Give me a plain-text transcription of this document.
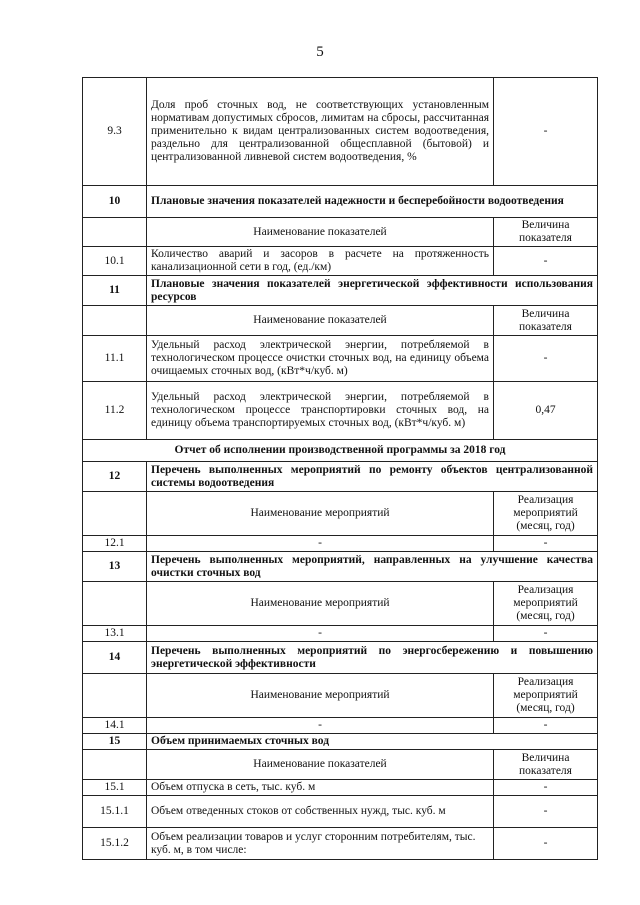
5
9.3	Доля проб сточных вод, не соответствующих установленным нормативам допустимых сбросов, лимитам на сбросы, рассчитанная применительно к видам централизованных систем водоотведения, раздельно для централизованной общесплавной (бытовой) и централизованной ливневой систем водоотведения, %	-
10	Плановые значения показателей надежности и бесперебойности водоотведения	
	Наименование показателей	Величина показателя
10.1	Количество аварий и засоров в расчете на протяженность канализационной сети в год, (ед./км)	-
11	Плановые значения показателей энергетической эффективности использования ресурсов	
	Наименование показателей	Величина показателя
11.1	Удельный расход электрической энергии, потребляемой в технологическом процессе очистки сточных вод, на единицу объема очищаемых сточных вод, (кВт*ч/куб. м)	-
11.2	Удельный расход электрической энергии, потребляемой в технологическом процессе транспортировки сточных вод, на единицу объема транспортируемых сточных вод, (кВт*ч/куб. м)	0,47
Отчет об исполнении производственной программы за 2018 год		
12	Перечень выполненных мероприятий по ремонту объектов централизованной системы водоотведения	
	Наименование мероприятий	Реализация мероприятий (месяц, год)
12.1	-	-
13	Перечень выполненных мероприятий, направленных на улучшение качества очистки сточных вод	
	Наименование мероприятий	Реализация мероприятий (месяц, год)
13.1	-	-
14	Перечень выполненных мероприятий по энергосбережению и повышению энергетической эффективности	
	Наименование мероприятий	Реализация мероприятий (месяц, год)
14.1	-	-
15	Объем принимаемых сточных вод	
	Наименование показателей	Величина показателя
15.1	Объем отпуска в сеть, тыс. куб. м	-
15.1.1	Объем отведенных стоков от собственных нужд, тыс. куб. м	-
15.1.2	Объем реализации товаров и услуг сторонним потребителям, тыс. куб. м, в том числе:	-
